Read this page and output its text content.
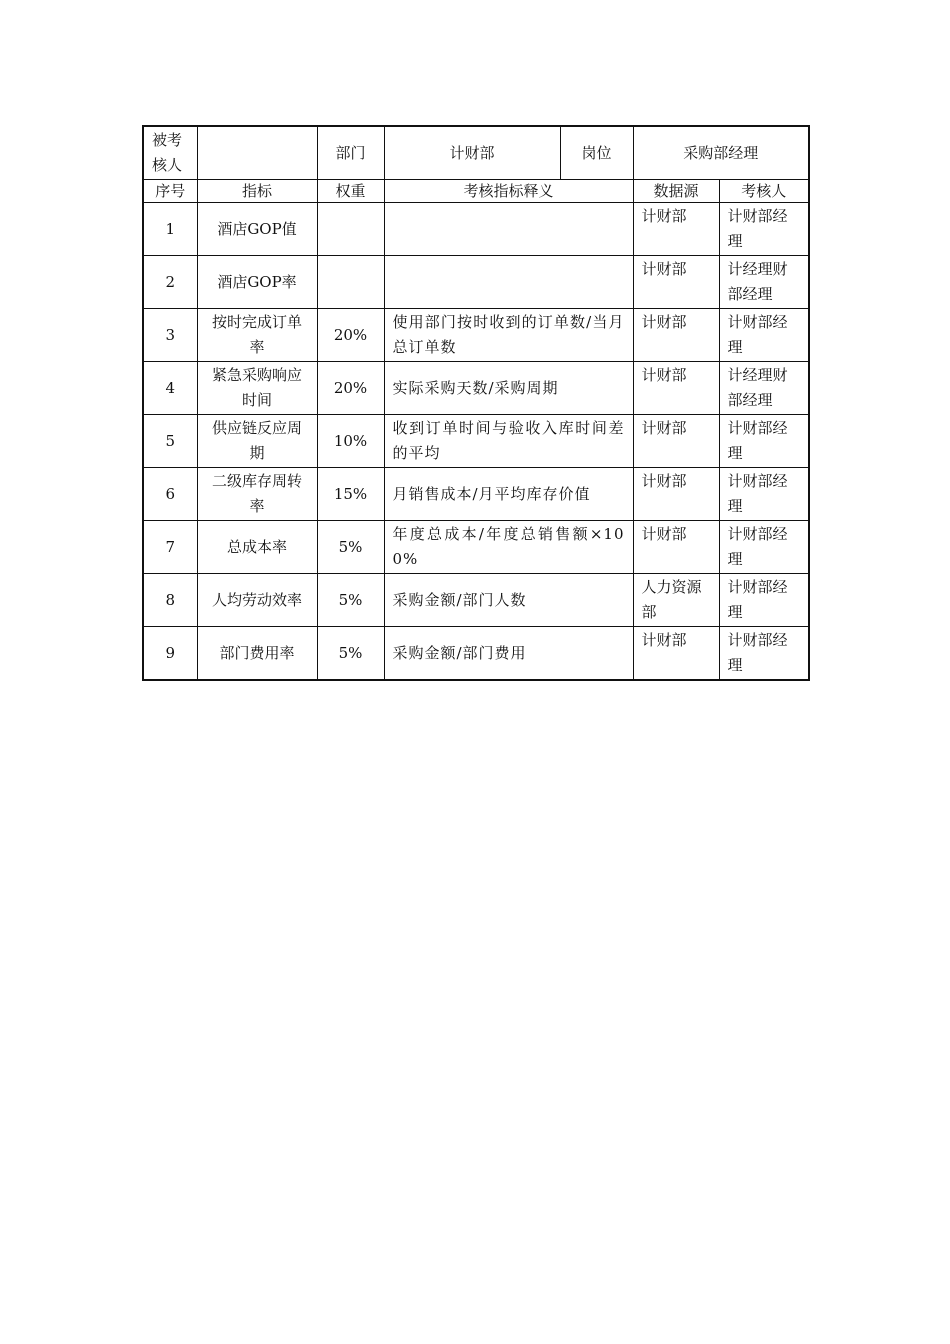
被考核人		部门	计财部	岗位	采购部经理	
序号	指标	权重	考核指标释义		数据源	考核人
1	酒店GOP值				计财部	计财部经理
2	酒店GOP率				计财部	计经理财部经理
3	按时完成订单率	20%	使用部门按时收到的订单数/当月总订单数		计财部	计财部经理
4	紧急采购响应时间	20%	实际采购天数/采购周期		计财部	计经理财部经理
5	供应链反应周期	10%	收到订单时间与验收入库时间差的平均		计财部	计财部经理
6	二级库存周转率	15%	月销售成本/月平均库存价值		计财部	计财部经理
7	总成本率	5%	年度总成本/年度总销售额×100%		计财部	计财部经理
8	人均劳动效率	5%	采购金额/部门人数		人力资源部	计财部经理
9	部门费用率	5%	采购金额/部门费用		计财部	计财部经理
